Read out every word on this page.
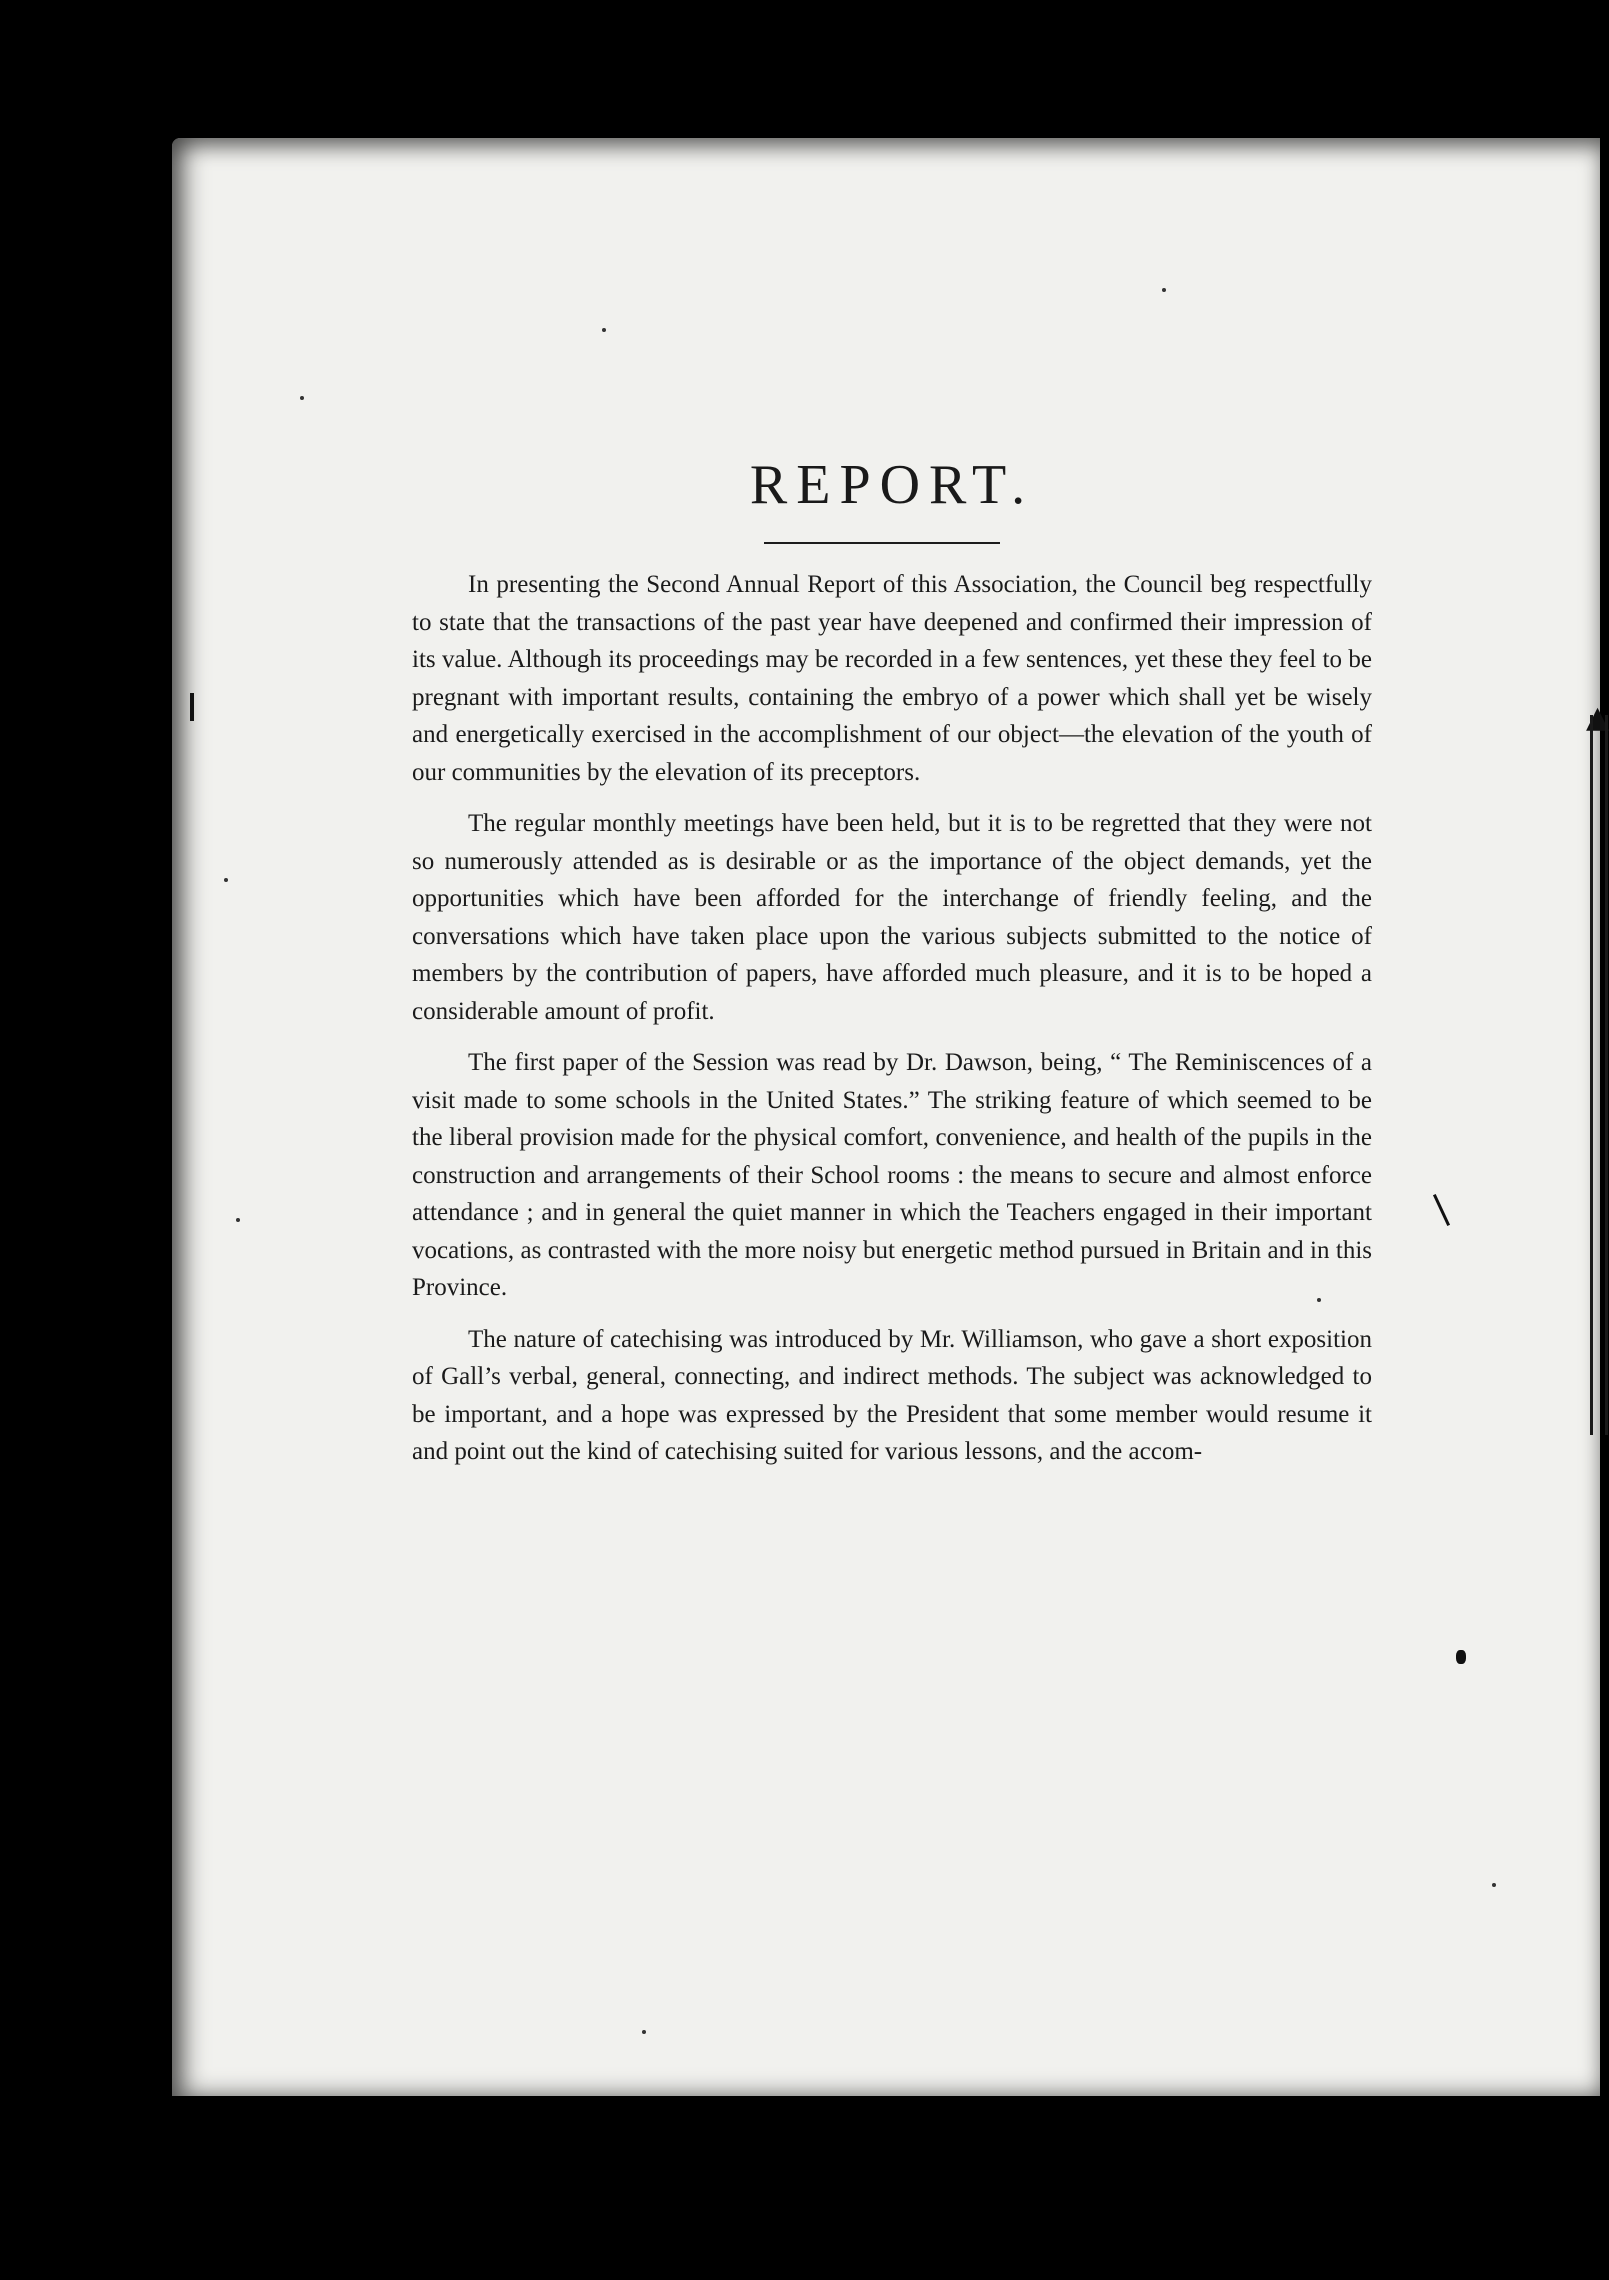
REPORT.

In presenting the Second Annual Report of this Association, the Council beg respectfully to state that the transactions of the past year have deepened and confirmed their impression of its value. Although its proceedings may be recorded in a few sentences, yet these they feel to be pregnant with important results, containing the embryo of a power which shall yet be wisely and energetically exercised in the accomplishment of our object—the elevation of the youth of our communities by the elevation of its preceptors.

The regular monthly meetings have been held, but it is to be regretted that they were not so numerously attended as is desirable or as the importance of the object demands, yet the opportunities which have been afforded for the interchange of friendly feeling, and the conversations which have taken place upon the various subjects submitted to the notice of members by the contribution of papers, have afforded much pleasure, and it is to be hoped a considerable amount of profit.

The first paper of the Session was read by Dr. Dawson, being, “ The Reminiscences of a visit made to some schools in the United States.” The striking feature of which seemed to be the liberal provision made for the physical comfort, convenience, and health of the pupils in the construction and arrangements of their School rooms : the means to secure and almost enforce attendance ; and in general the quiet manner in which the Teachers engaged in their important vocations, as contrasted with the more noisy but energetic method pursued in Britain and in this Province.

The nature of catechising was introduced by Mr. Williamson, who gave a short exposition of Gall’s verbal, general, connecting, and indirect methods. The subject was acknowledged to be important, and a hope was expressed by the President that some member would resume it and point out the kind of catechising suited for various lessons, and the accom-

▲
